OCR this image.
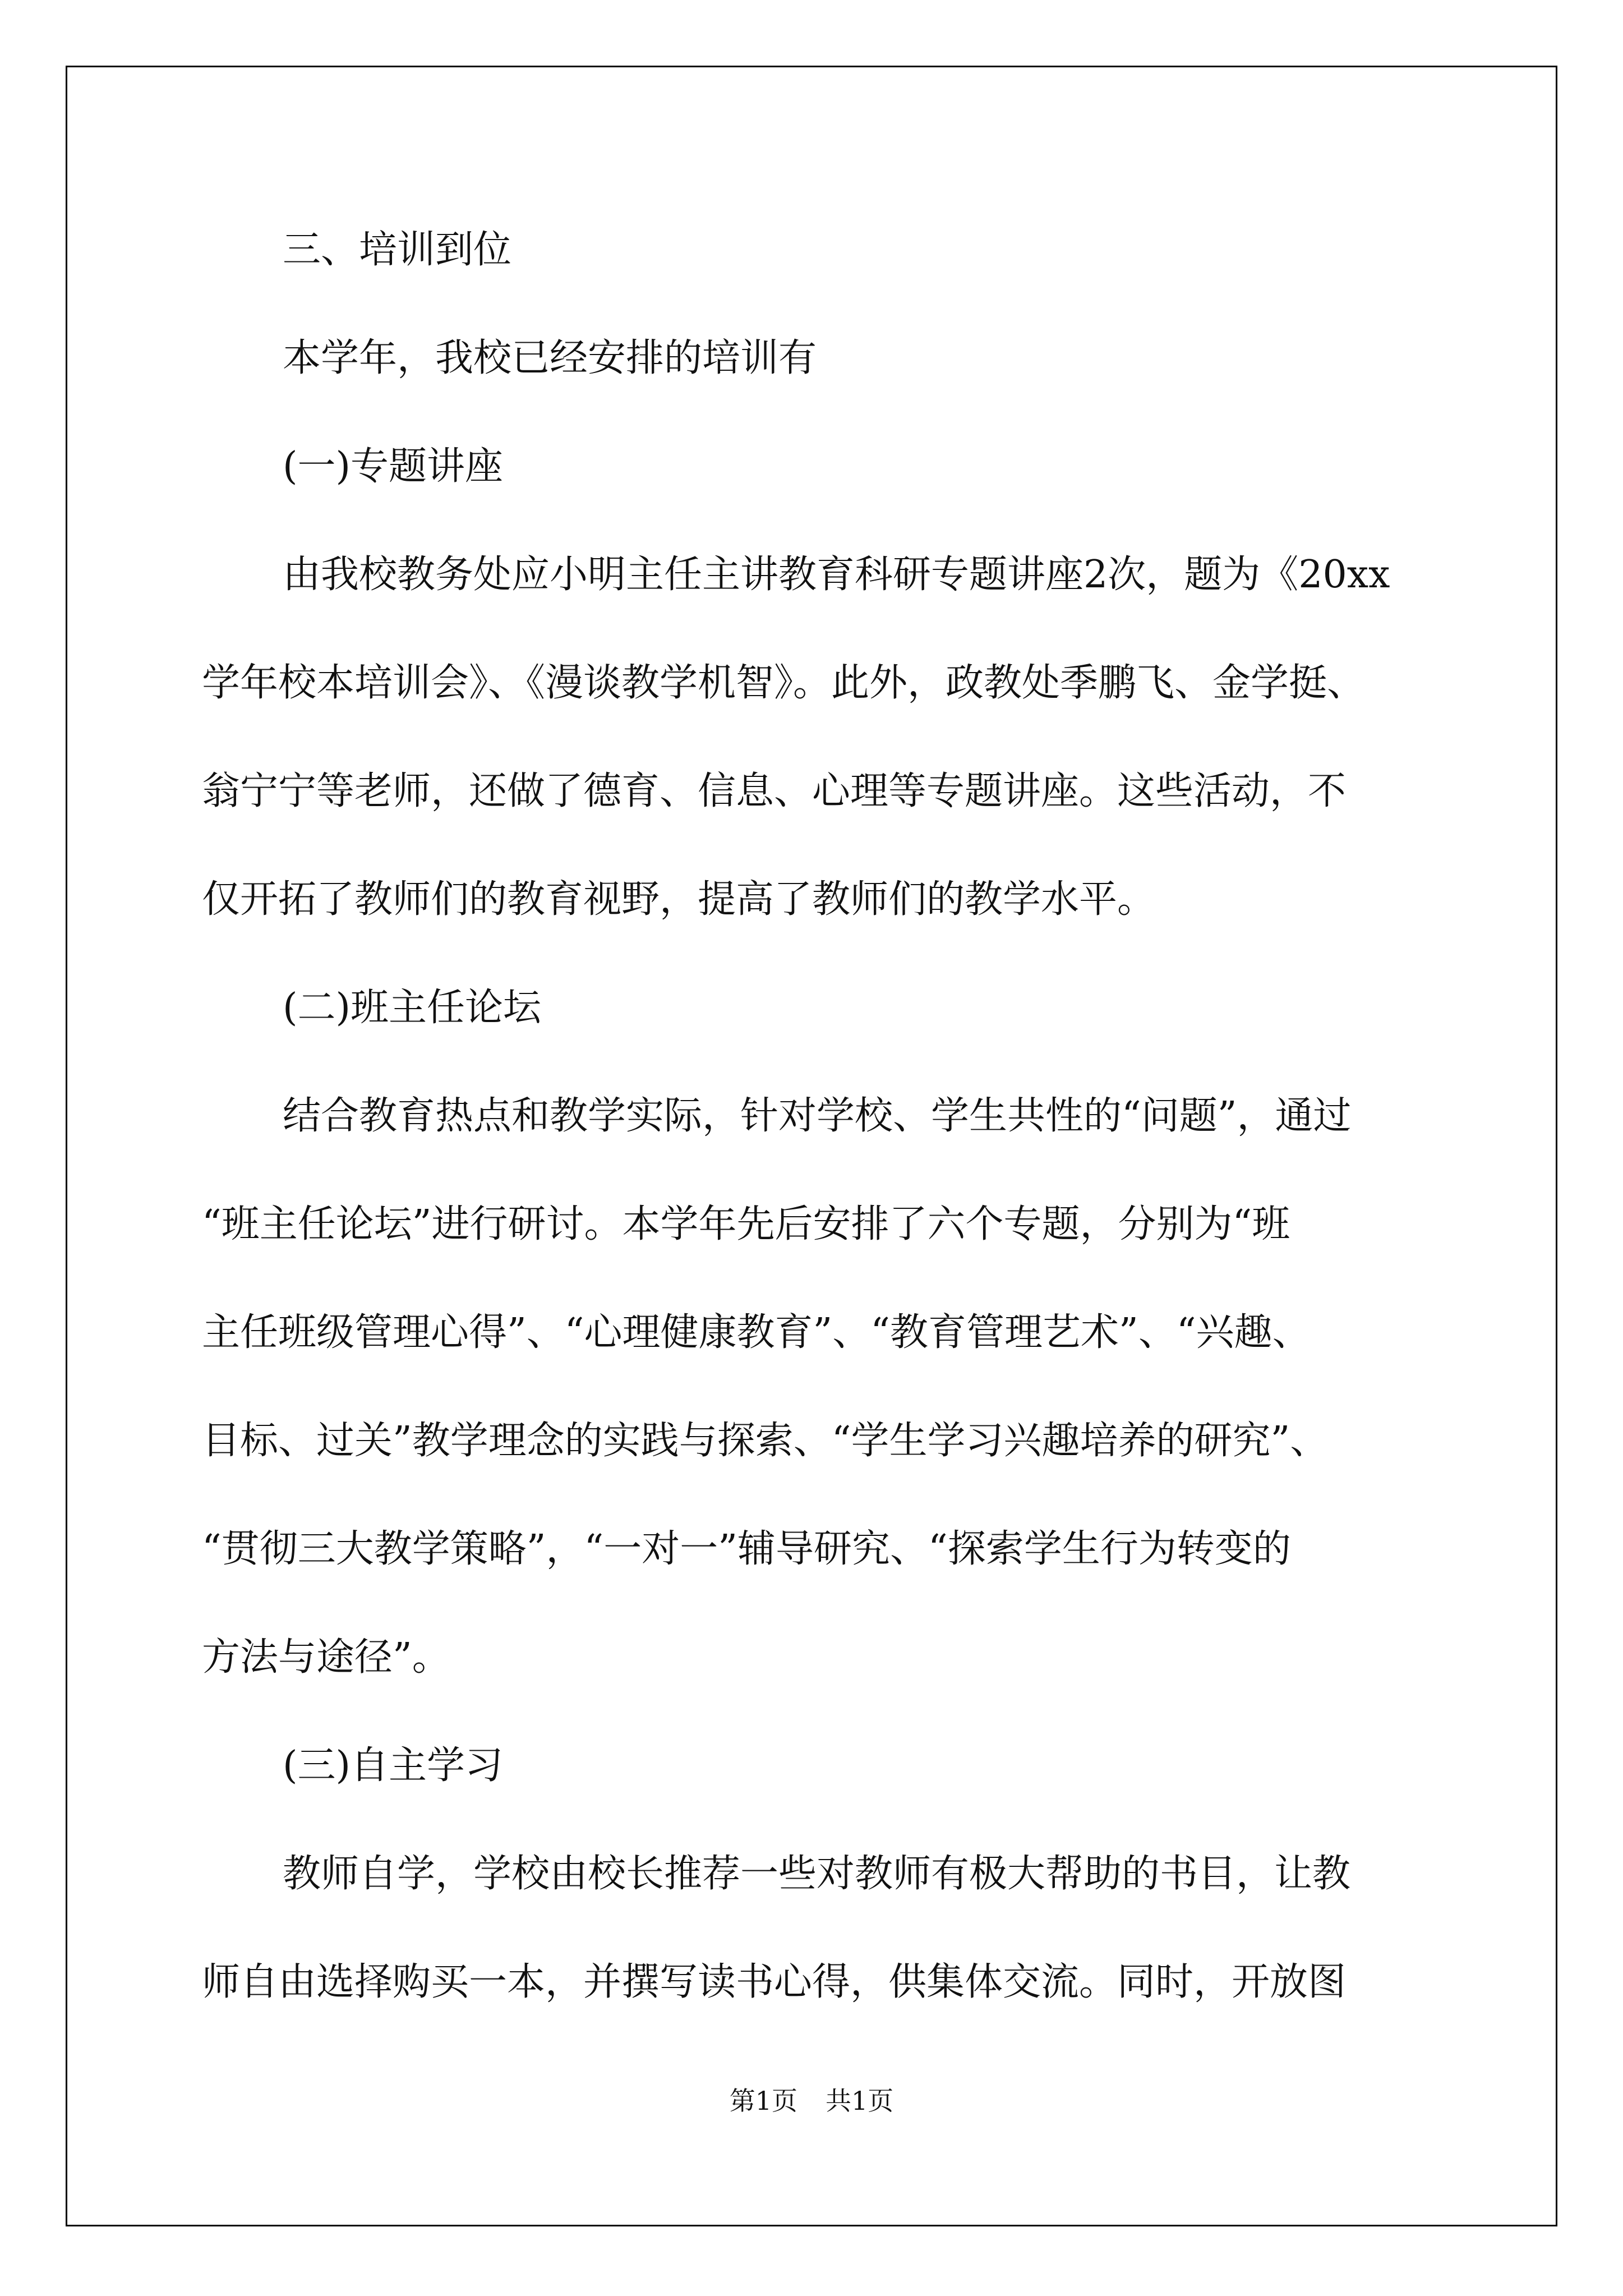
三、培训到位

本学年，我校已经安排的培训有

(一)专题讲座

由我校教务处应小明主任主讲教育科研专题讲座2次，题为《20xx

学年校本培训会》、《漫谈教学机智》。此外，政教处季鹏飞、金学挺、

翁宁宁等老师，还做了德育、信息、心理等专题讲座。这些活动，不

仅开拓了教师们的教育视野，提高了教师们的教学水平。

(二)班主任论坛

结合教育热点和教学实际，针对学校、学生共性的“问题”，通过

“班主任论坛”进行研讨。本学年先后安排了六个专题，分别为“班

主任班级管理心得”、“心理健康教育”、“教育管理艺术”、“兴趣、

目标、过关”教学理念的实践与探索、“学生学习兴趣培养的研究”、

“贯彻三大教学策略”，“一对一”辅导研究、“探索学生行为转变的

方法与途径”。

(三)自主学习

教师自学，学校由校长推荐一些对教师有极大帮助的书目，让教

师自由选择购买一本，并撰写读书心得，供集体交流。同时，开放图

第1页 共1页
